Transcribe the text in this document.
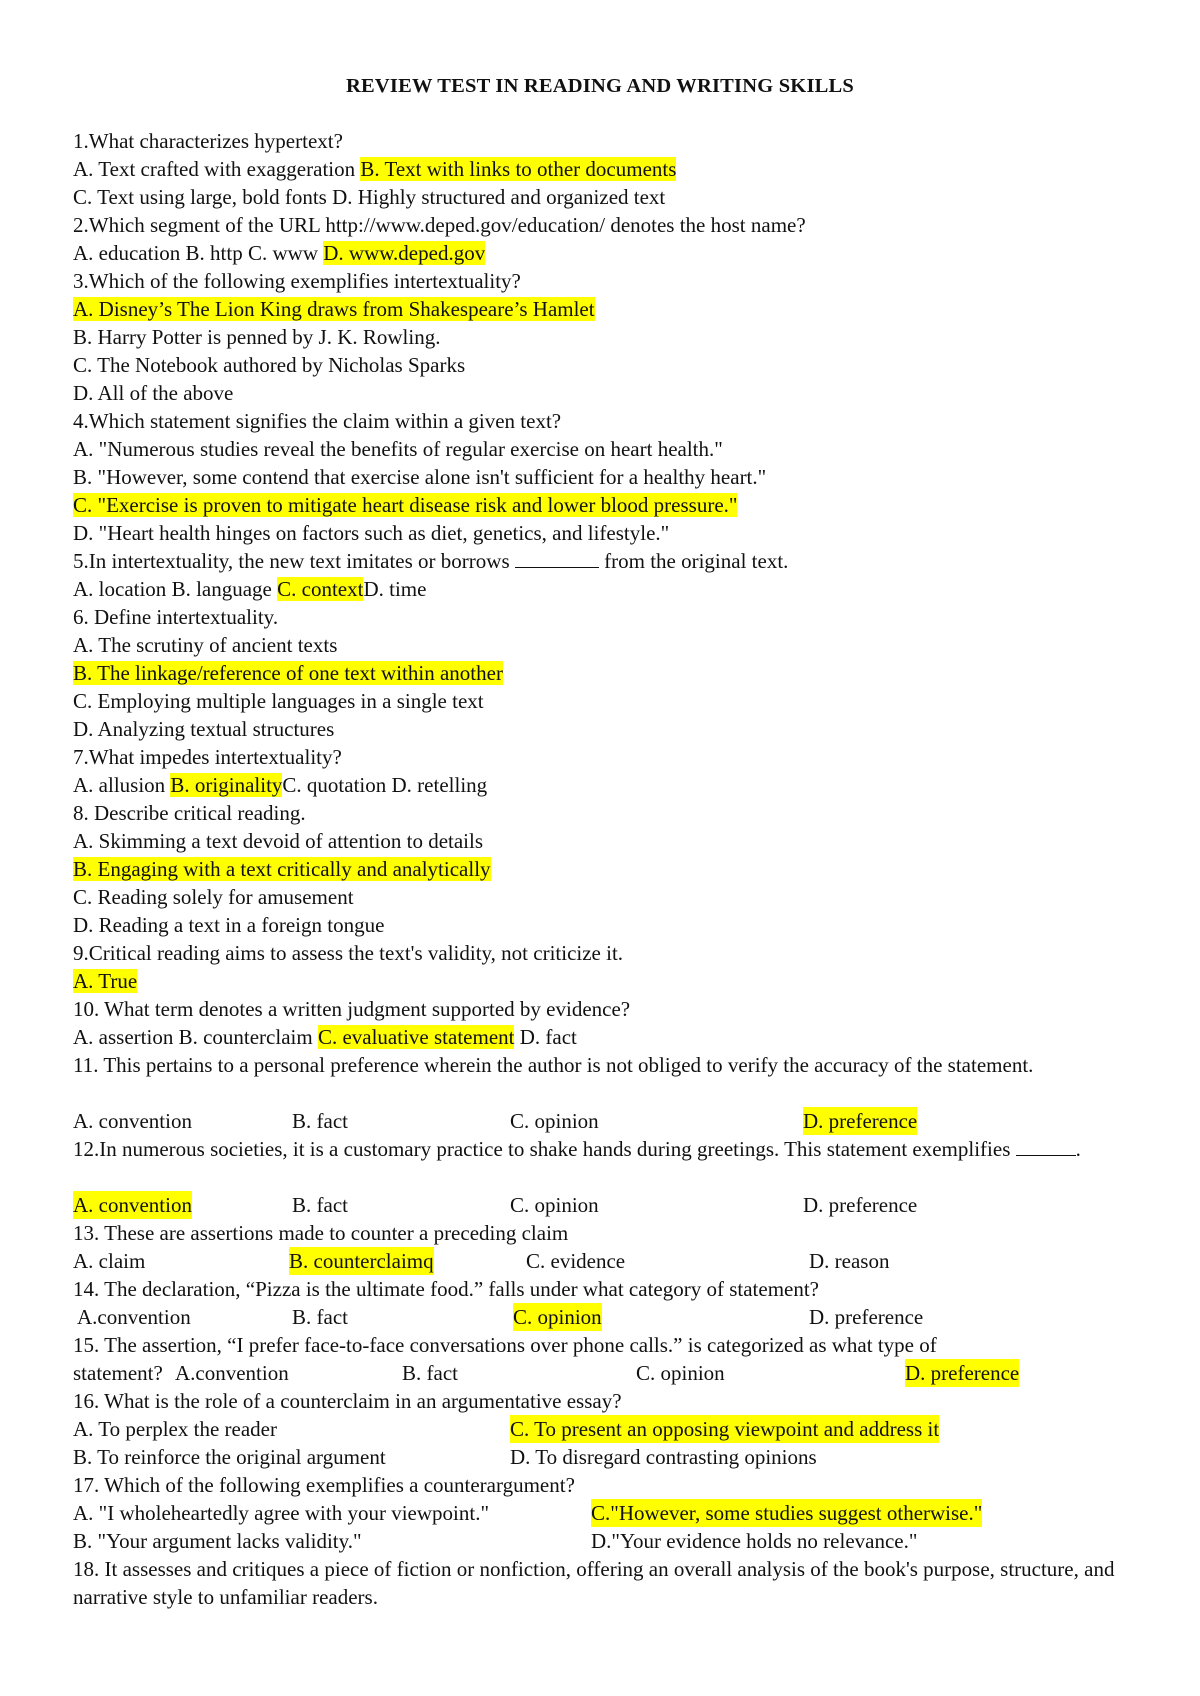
REVIEW TEST IN READING AND WRITING SKILLS
1.What characterizes hypertext?
A. Text crafted with exaggeration B. Text with links to other documents
C. Text using large, bold fonts D. Highly structured and organized text
2.Which segment of the URL http://www.deped.gov/education/ denotes the host name?
A. education B. http C. www D. www.deped.gov
3.Which of the following exemplifies intertextuality?
A. Disney’s The Lion King draws from Shakespeare’s Hamlet
B. Harry Potter is penned by J. K. Rowling.
C. The Notebook authored by Nicholas Sparks
D. All of the above
4.Which statement signifies the claim within a given text?
A. "Numerous studies reveal the benefits of regular exercise on heart health."
B. "However, some contend that exercise alone isn't sufficient for a healthy heart."
C. "Exercise is proven to mitigate heart disease risk and lower blood pressure."
D. "Heart health hinges on factors such as diet, genetics, and lifestyle."
5.In intertextuality, the new text imitates or borrows	from the original text.
A. location B. language C. contextD. time
6. Define intertextuality.
A. The scrutiny of ancient texts
B. The linkage/reference of one text within another
C. Employing multiple languages in a single text
D. Analyzing textual structures
7.What impedes intertextuality?
A. allusion B. originalityC. quotation D. retelling
8. Describe critical reading.
A. Skimming a text devoid of attention to details
B. Engaging with a text critically and analytically
C. Reading solely for amusement
D. Reading a text in a foreign tongue
9.Critical reading aims to assess the text's validity, not criticize it.
A. True
10. What term denotes a written judgment supported by evidence?
A. assertion B. counterclaim C. evaluative statement D. fact
11. This pertains to a personal preference wherein the author is not obliged to verify the accuracy of the statement.
A. convention	B. fact	C. opinion	D. preference
12.In numerous societies, it is a customary practice to shake hands during greetings. This statement exemplifies	.
A. convention	B. fact	C. opinion	D. preference
13. These are assertions made to counter a preceding claim
A. claim	B. counterclaimq	C. evidence	D. reason
14. The declaration, “Pizza is the ultimate food.” falls under what category of statement?
A.convention	B. fact	C. opinion	D. preference
15. The assertion, “I prefer face-to-face conversations over phone calls.” is categorized as what type of
statement? A.convention	B. fact	C. opinion	D. preference
16. What is the role of a counterclaim in an argumentative essay?
A. To perplex the reader	C. To present an opposing viewpoint and address it
B. To reinforce the original argument	D. To disregard contrasting opinions
17. Which of the following exemplifies a counterargument?
A. "I wholeheartedly agree with your viewpoint."	C."However, some studies suggest otherwise."
B. "Your argument lacks validity."	D."Your evidence holds no relevance."
18. It assesses and critiques a piece of fiction or nonfiction, offering an overall analysis of the book's purpose, structure, and narrative style to unfamiliar readers.
